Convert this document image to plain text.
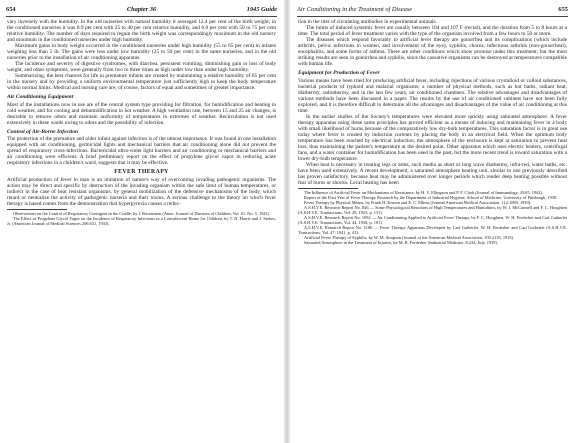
654	Chapter 36	1945 Guide

vary inversely with the humidity. In the old nurseries with natural humidity it averaged 12.4 per cent of the birth weight; in the conditioned nurseries it was 8.9 per cent with 25 to 40 per cent relative humidity, and 6.0 per cent with 50 to 75 per cent relative humidity. The number of days required to regain the birth weight was correspondingly maximum in the old nursery and minimum in the conditioned nurseries under high humidity.

Maximum gains in body weight occurred in the conditioned nurseries under high humidity (55 to 65 per cent) in infants weighing less than 5 lb. The gains were less under low humidity (25 to 50 per cent) in the same nurseries, and in the old nurseries prior to the installation of air conditioning apparatus.

The incidence and severity of digestive syndromes, with diarrhea, persistent vomiting, diminishing gain or loss of body weight, and other symptoms, were generally from two to three times as high under low than under high humidity.

Summarizing, the best chances for life in premature infants are created by maintaining a relative humidity of 65 per cent in the nursery and by providing a uniform environmental temperature just sufficiently high to keep the body temperature within normal limits. Medical and nursing care are, of course, factors of equal and sometimes of greater importance.

Air Conditioning Equipment

Most of the installations now in use are of the central system type providing for filtration, for humidification and heating in cold weather, and for cooling and dehumidification in hot weather. A high ventilation rate, between 15 and 25 air changes, is desirable to remove odors and maintain uniformity of temperatures in extremes of weather. Recirculation is not used extensively in these wards owing to odors and the possibility of infection.

Control of Air-Borne Infection

The protection of the premature and older infant against infection is of the utmost importance. It was found in one installation equipped with air conditioning, germicidal lights and mechanical barriers that air conditioning alone did not prevent the spread of respiratory cross-infections. Bactericidal ultra-violet light barriers and air conditioning or mechanical barriers and air conditioning were efficient. A brief preliminary report on the effect of propylene glycol vapor in reducing acute respiratory infections in a children's ward, suggests that it may be effective.

FEVER THERAPY

Artificial production of fever in man is an imitation of nature's way of overcoming invading pathogenic organisms. The action may be direct and specific by destruction of the invading organism within the safe limit of human temperatures, or indirect in the case of heat resistant organisms, by general mobilization of the defensive mechanisms of the body, which retard or neutralize the activity of pathogenic bacteria and their toxins. A serious challenge to the theory on which fever therapy is based comes from the demonstration that hyperpyrexia causes a reduc-

Observations on the Control of Respiratory Contagion in the Cradle, by I. Rosenstern (Amer. Journal of Diseases of Children, Vol. 61, No. 5, 1941).

The Effect of Propylene Glycol Vapor on the Incidence of Respiratory Infections in a Convalescent Home for Children, by T. N. Harris and J. Stokes, Jr. (American Journal of Medical Sciences 206:631, 1943).

Air Conditioning in the Treatment of Disease	655

tion in the titer of circulating antibodies in experimental animals.

The limits of induced systemic fever are usually between 104 and 107 F (rectal), and the duration from 5 to 8 hours at a time. The total period of fever treatment varies with the type of the organism involved from a few hours to 50 or more.

The diseases which respond favorably to artificial fever therapy are gonorrhea and its complications (which include arthritis, pelvic infections in women, and involvement of the eye), syphilis, chorea, infectious arthritis (non-gonorrheal), encephalitis, and some forms of asthma. There are other conditions which show promise under this treatment; but the most striking results are seen in gonorrhea and syphilis, since the causative organisms can be destroyed at temperatures compatible with human life.

Equipment for Production of Fever

Various means have been tried for producing artificial fever, including injections of various crystalloid or colloid substances, bacterial products of typhoid and malarial organisms; a number of physical methods, such as hot baths, radiant heat, diathermy, radiothermy, and in the last few years, air conditioned chambers. The relative advantages and disadvantages of various methods have been discussed in a paper. The results by the use of air conditioned cabinets have not been fully explored, and it is therefore difficult to determine all the advantages and disadvantages of the value of air conditioning at this time.

In the earlier studies of the Society's temperatures were elevated more quickly using saturated atmosphere. A fever therapy apparatus using these same principles has proved efficient as a means of inducing and maintaining fever in a body with small likelihood of burns because of the comparatively low dry-bulb temperatures. This saturation factor is in great use today where fever is created by induction currents by placing the body in an electrical field. When the optimum body temperature has been reached by electrical induction, the atmosphere of the enclosure is kept at saturation to prevent heat loss, thus maintaining the patient's temperature at the desired point. Other apparatus which uses electric heaters, centrifugal fans, and a water container for humidification has been used in the past, but the more recent trend is toward saturation with a lower dry-bulb temperature.

When heat is necessary in treating legs or arms, such media as short or long wave diathermy, infra-red, water baths, etc. have been used extensively. A recent development, a saturated atmosphere heating unit, similar to one previously described has proven satisfactory, because heat may be administered over longer periods which render deep heating possible without fear of burns or shocks. Local heating has been

The Influence of Artificial Fever on Mechanisms of Resistance, by H. V. Ellingson and P. F. Clark (Journal of Immunology, 43:65, 1942).

Report of the First Year of Fever Therapy Research by the Department of Industrial Hygiene, School of Medicine, University of Pittsburgh, 1938.

Fever Therapy by Physical Means, by Frank H. Krusen and E. C. Elkins (Journal American Medical Association, 112:1089, 1939).

A.S.H.V.E. Research Report No. 846 — Some Physiological Reactions of High Temperatures and Humidities, by W. J. McConnell and F. C. Houghten (A.S.H.V.E. Transactions, Vol. 29, 1923, p. 131).

A.S.H.V.E. Research Report No. 1092 — Air Conditioning Applied to Artificial Fever Therapy, by F. C. Houghten, W. H. Ferderber and Carl Gutberlet (A.S.H.V.E. Transactions, Vol. 44, 1938, p. 181).

A.S.H.V.E. Research Report No. 1180 — Fever Therapy Apparatus Developed by Carl Gutberlet, W. H. Ferderber and Carl Gutberlet (A.S.H.V.E. Transactions, Vol. 47, 1941, p. 41).

Artificial Fever Therapy of Syphilis, by W. M. Simpson (Journal of the American Medical Association, 105:2135, 1935).

Saturated Atmosphere in the Treatment of Injuries, by M. R. Ferderber (Industrial Medicine, 8:224, July, 1939).
